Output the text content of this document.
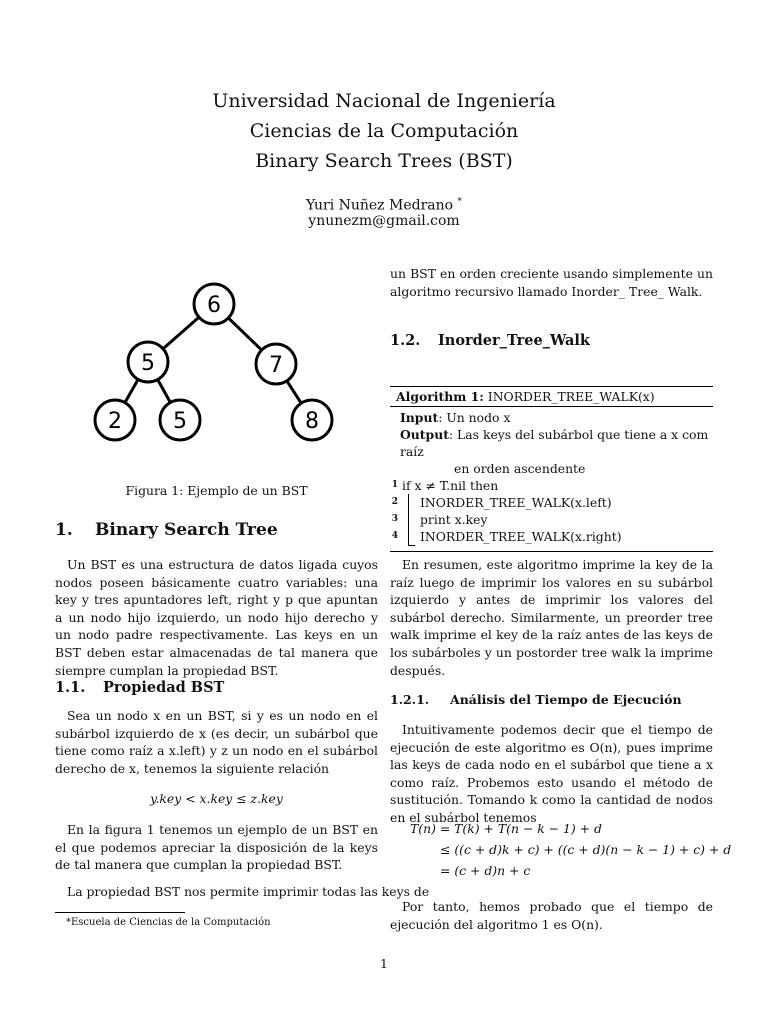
Universidad Nacional de Ingeniería
Ciencias de la Computación
Binary Search Trees (BST)
Yuri Nuñez Medrano *
ynunezm@gmail.com
6
5	7
2 5	8
Figura 1: Ejemplo de un BST
1. Binary Search Tree

Un BST es una estructura de datos ligada cuyos nodos poseen básicamente cuatro variables: una key y tres apuntadores left, right y p que apuntan a un nodo hijo izquierdo, un nodo hijo derecho y un nodo padre respectivamente. Las keys en un BST deben estar almacenadas de tal manera que siempre cumplan la propiedad BST.

1.1. Propiedad BST

Sea un nodo x en un BST, si y es un nodo en el subárbol izquierdo de x (es decir, un subárbol que tiene como raíz a x.left) y z un nodo en el subárbol derecho de x, tenemos la siguiente relación

y.key < x.key ≤ z.key

En la figura 1 tenemos un ejemplo de un BST en el que podemos apreciar la disposición de la keys de tal manera que cumplan la propiedad BST.

La propiedad BST nos permite imprimir todas las keys de

*Escuela de Ciencias de la Computación

un BST en orden creciente usando simplemente un algoritmo recursivo llamado Inorder_ Tree_ Walk.

1.2. Inorder_Tree_Walk
Algorithm 1: INORDER_TREE_WALK(x)
Input: Un nodo x
Output: Las keys del subárbol que tiene a x com raíz
en orden ascendente
1 if x ≠ T.nil then
2 INORDER_TREE_WALK(x.left)
3 print x.key
4 INORDER_TREE_WALK(x.right)

En resumen, este algoritmo imprime la key de la raíz luego de imprimir los valores en su subárbol izquierdo y antes de imprimir los valores del subárbol derecho. Similarmente, un preorder tree walk imprime el key de la raíz antes de las keys de los subárboles y un postorder tree walk la imprime después.

1.2.1. Análisis del Tiempo de Ejecución

Intuitivamente podemos decir que el tiempo de ejecución de este algoritmo es O(n), pues imprime las keys de cada nodo en el subárbol que tiene a x como raíz. Probemos esto usando el método de sustitución. Tomando k como la cantidad de nodos en el subárbol tenemos

T(n) = T(k) + T(n − k − 1) + d
≤ ((c + d)k + c) + ((c + d)(n − k − 1) + c) + d
= (c + d)n + c

Por tanto, hemos probado que el tiempo de ejecución del algoritmo 1 es O(n).

1
